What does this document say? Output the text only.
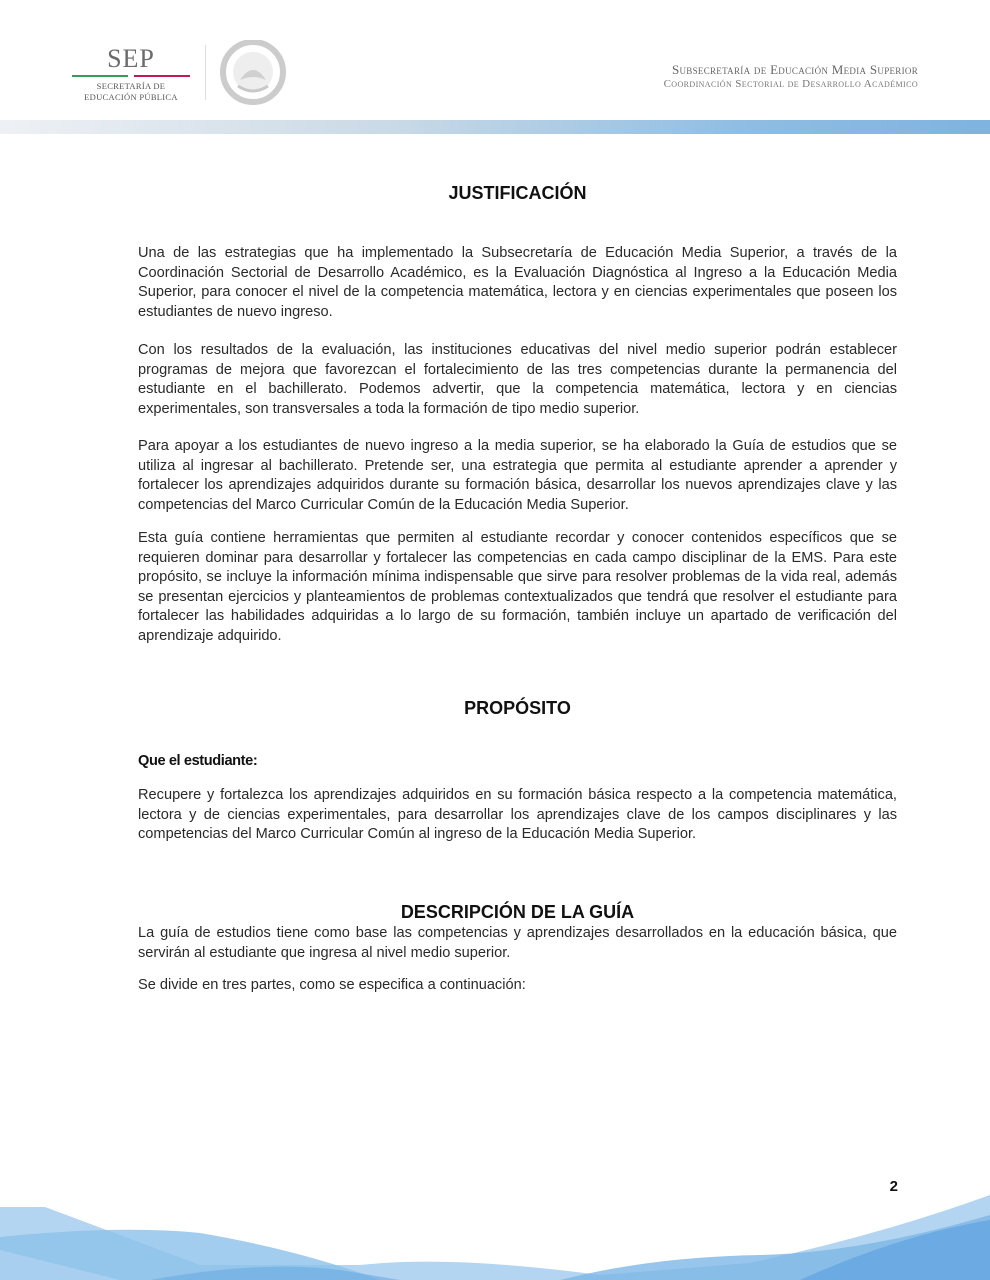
SEP
SECRETARÍA DE
EDUCACIÓN PÚBLICA
Subsecretaría de Educación Media Superior
Coordinación Sectorial de Desarrollo Académico
JUSTIFICACIÓN

Una de las estrategias que ha implementado la Subsecretaría de Educación Media Superior, a través de la Coordinación Sectorial de Desarrollo Académico, es la Evaluación Diagnóstica al Ingreso a la Educación Media Superior, para conocer el nivel de la competencia matemática, lectora y en ciencias experimentales que poseen los estudiantes de nuevo ingreso.

Con los resultados de la evaluación, las instituciones educativas del nivel medio superior podrán establecer programas de mejora que favorezcan el fortalecimiento de las tres competencias durante la permanencia del estudiante en el bachillerato. Podemos advertir, que la competencia matemática, lectora y en ciencias experimentales, son transversales a toda la formación de tipo medio superior.

Para apoyar a los estudiantes de nuevo ingreso a la media superior, se ha elaborado la Guía de estudios que se utiliza al ingresar al bachillerato. Pretende ser, una estrategia que permita al estudiante aprender a aprender y fortalecer los aprendizajes adquiridos durante su formación básica, desarrollar los nuevos aprendizajes clave y las competencias del Marco Curricular Común de la Educación Media Superior.

Esta guía contiene herramientas que permiten al estudiante recordar y conocer contenidos específicos que se requieren dominar para desarrollar y fortalecer las competencias en cada campo disciplinar de la EMS. Para este propósito, se incluye la información mínima indispensable que sirve para resolver problemas de la vida real, además se presentan ejercicios y planteamientos de problemas contextualizados que tendrá que resolver el estudiante para fortalecer las habilidades adquiridas a lo largo de su formación, también incluye un apartado de verificación del aprendizaje adquirido.

PROPÓSITO
Que el estudiante:

Recupere y fortalezca los aprendizajes adquiridos en su formación básica respecto a la competencia matemática, lectora y de ciencias experimentales, para desarrollar los aprendizajes clave de los campos disciplinares y las competencias del Marco Curricular Común al ingreso de la Educación Media Superior.

DESCRIPCIÓN DE LA GUÍA

La guía de estudios tiene como base las competencias y aprendizajes desarrollados en la educación básica, que servirán al estudiante que ingresa al nivel medio superior.

Se divide en tres partes, como se especifica a continuación:

2
